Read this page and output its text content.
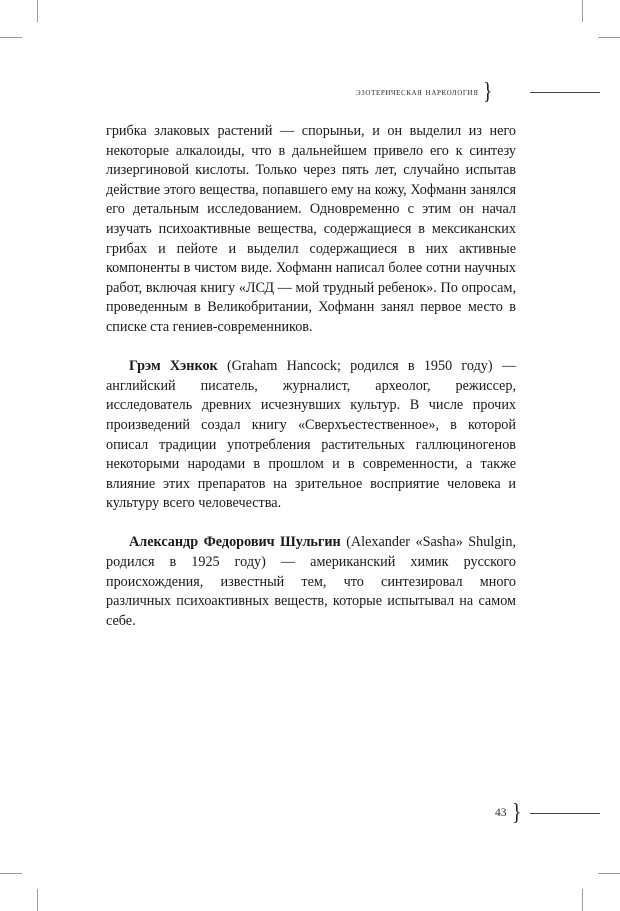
эзотерическая наркология }

грибка злаковых растений — спорыньи, и он выделил из него некоторые алкалоиды, что в дальнейшем привело его к синтезу лизергиновой кислоты. Только через пять лет, случайно испытав действие этого вещества, попавшего ему на кожу, Хофманн занялся его детальным исследованием. Одновременно с этим он начал изучать психоактивные вещества, содержащиеся в мексиканских грибах и пейоте и выделил содержащиеся в них активные компоненты в чистом виде. Хофманн написал более сотни научных работ, включая книгу «ЛСД — мой трудный ребенок». По опросам, проведенным в Великобритании, Хофманн занял первое место в списке ста гениев-современников.

Грэм Хэнкок (Graham Hancock; родился в 1950 году) — английский писатель, журналист, археолог, режиссер, исследователь древних исчезнувших культур. В числе прочих произведений создал книгу «Сверхъестественное», в которой описал традиции употребления растительных галлюциногенов некоторыми народами в прошлом и в современности, а также влияние этих препаратов на зрительное восприятие человека и культуру всего человечества.

Александр Федорович Шульгин (Alexander «Sasha» Shulgin, родился в 1925 году) — американский химик русского происхождения, известный тем, что синтезировал много различных психоактивных веществ, которые испытывал на самом себе.

43 }
